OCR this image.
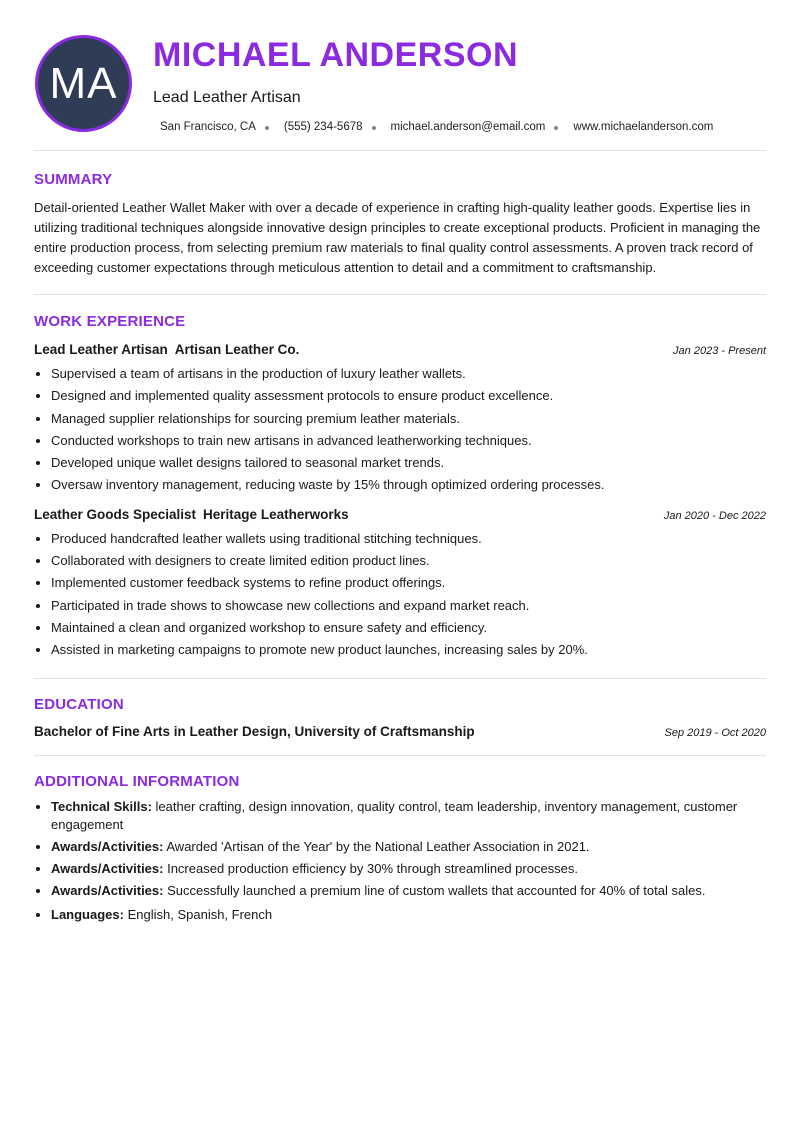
MA
MICHAEL ANDERSON
Lead Leather Artisan
San Francisco, CA (555) 234-5678 michael.anderson@email.com www.michaelanderson.com
SUMMARY

Detail-oriented Leather Wallet Maker with over a decade of experience in crafting high-quality leather goods. Expertise lies in utilizing traditional techniques alongside innovative design principles to create exceptional products. Proficient in managing the entire production process, from selecting premium raw materials to final quality control assessments. A proven track record of exceeding customer expectations through meticulous attention to detail and a commitment to craftsmanship.

WORK EXPERIENCE
Lead Leather Artisan Artisan Leather Co.	Jan 2023 - Present
• Supervised a team of artisans in the production of luxury leather wallets.
• Designed and implemented quality assessment protocols to ensure product excellence.
• Managed supplier relationships for sourcing premium leather materials.
• Conducted workshops to train new artisans in advanced leatherworking techniques.
• Developed unique wallet designs tailored to seasonal market trends.
• Oversaw inventory management, reducing waste by 15% through optimized ordering processes.
Leather Goods Specialist Heritage Leatherworks	Jan 2020 - Dec 2022
• Produced handcrafted leather wallets using traditional stitching techniques.
• Collaborated with designers to create limited edition product lines.
• Implemented customer feedback systems to refine product offerings.
• Participated in trade shows to showcase new collections and expand market reach.
• Maintained a clean and organized workshop to ensure safety and efficiency.
• Assisted in marketing campaigns to promote new product launches, increasing sales by 20%.
EDUCATION
Bachelor of Fine Arts in Leather Design, University of Craftsmanship	Sep 2019 - Oct 2020
ADDITIONAL INFORMATION
• Technical Skills: leather crafting, design innovation, quality control, team leadership, inventory management, customer engagement
• Awards/Activities: Awarded 'Artisan of the Year' by the National Leather Association in 2021.
• Awards/Activities: Increased production efficiency by 30% through streamlined processes.
• Awards/Activities: Successfully launched a premium line of custom wallets that accounted for 40% of total sales.
• Languages: English, Spanish, French
